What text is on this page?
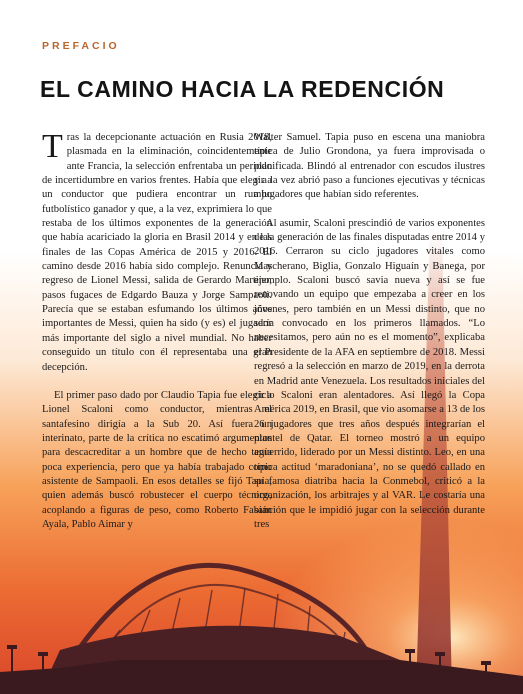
PREFACIO
EL CAMINO HACIA LA REDENCIÓN

Tras la decepcionante actuación en Rusia 2018, plasmada en la eliminación, coincidentemente ante Francia, la selección enfrentaba un periodo de incertidumbre en varios frentes. Había que elegir a un conductor que pudiera encontrar un rumbo futbolístico ganador y que, a la vez, exprimiera lo que restaba de los últimos exponentes de la generación que había acariciado la gloria en Brasil 2014 y en las finales de las Copas América de 2015 y 2016. El camino desde 2016 había sido complejo. Renuncia y regreso de Lionel Messi, salida de Gerardo Martino, pasos fugaces de Edgardo Bauza y Jorge Sampaoli. Parecía que se estaban esfumando los últimos años importantes de Messi, quien ha sido (y es) el jugador más importante del siglo a nivel mundial. No haber conseguido un título con él representaba una gran decepción.

El primer paso dado por Claudio Tapia fue elegir a Lionel Scaloni como conductor, mientras el santafesino dirigía a la Sub 20. Así fuera un interinato, parte de la crítica no escatimó argumentos para descacreditar a un hombre que de hecho tenía poca experiencia, pero que ya había trabajado como asistente de Sampaoli. En esos detalles se fijó Tapia, quien además buscó robustecer el cuerpo técnico, acoplando a figuras de peso, como Roberto Fabián Ayala, Pablo Aimar y

Walter Samuel. Tapia puso en escena una maniobra típica de Julio Grondona, ya fuera improvisada o planificada. Blindó al entrenador con escudos ilustres y a la vez abrió paso a funciones ejecutivas y técnicas a jugadores que habían sido referentes.

Al asumir, Scaloni prescindió de varios exponentes de la generación de las finales disputadas entre 2014 y 2016. Cerraron su ciclo jugadores vitales como Mascherano, Biglia, Gonzalo Higuaín y Banega, por ejemplo. Scaloni buscó savia nueva y así se fue renovando un equipo que empezaba a creer en los jóvenes, pero también en un Messi distinto, que no sería convocado en los primeros llamados. “Lo necesitamos, pero aún no es el momento”, explicaba el Presidente de la AFA en septiembre de 2018. Messi regresó a la selección en marzo de 2019, en la derrota en Madrid ante Venezuela. Los resultados iniciales del ciclo Scaloni eran alentadores. Así llegó la Copa América 2019, en Brasil, que vio asomarse a 13 de los 26 jugadores que tres años después integrarían el plantel de Qatar. El torneo mostró a un equipo aguerrido, liderado por un Messi distinto. Leo, en una típica actitud ‘maradoniana’, no se quedó callado en su famosa diatriba hacia la Conmebol, criticó a la organización, los arbitrajes y al VAR. Le costaría una sanción que le impidió jugar con la selección durante tres
